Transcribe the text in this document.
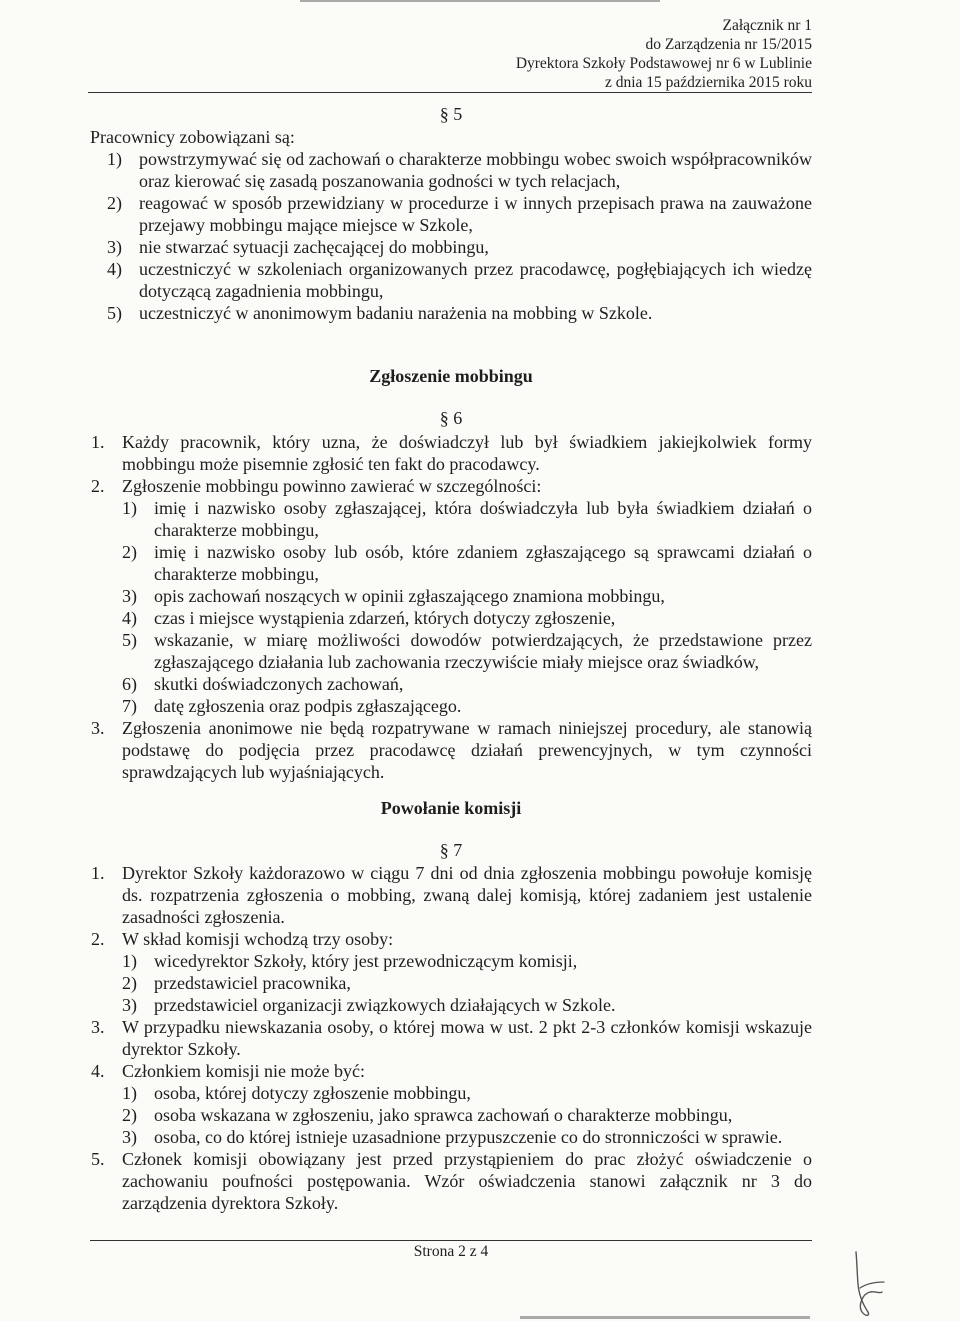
Załącznik nr 1
do Zarządzenia nr 15/2015
Dyrektora Szkoły Podstawowej nr 6 w Lublinie
z dnia 15 października 2015 roku
§ 5

Pracownicy zobowiązani są:

1) powstrzymywać się od zachowań o charakterze mobbingu wobec swoich współpracowników oraz kierować się zasadą poszanowania godności w tych relacjach,
2) reagować w sposób przewidziany w procedurze i w innych przepisach prawa na zauważone przejawy mobbingu mające miejsce w Szkole,
3) nie stwarzać sytuacji zachęcającej do mobbingu,
4) uczestniczyć w szkoleniach organizowanych przez pracodawcę, pogłębiających ich wiedzę dotyczącą zagadnienia mobbingu,
5) uczestniczyć w anonimowym badaniu narażenia na mobbing w Szkole.
Zgłoszenie mobbingu
§ 6
1. Każdy pracownik, który uzna, że doświadczył lub był świadkiem jakiejkolwiek formy mobbingu może pisemnie zgłosić ten fakt do pracodawcy.
2. Zgłoszenie mobbingu powinno zawierać w szczególności:
1) imię i nazwisko osoby zgłaszającej, która doświadczyła lub była świadkiem działań o charakterze mobbingu,
2) imię i nazwisko osoby lub osób, które zdaniem zgłaszającego są sprawcami działań o charakterze mobbingu,
3) opis zachowań noszących w opinii zgłaszającego znamiona mobbingu,
4) czas i miejsce wystąpienia zdarzeń, których dotyczy zgłoszenie,
5) wskazanie, w miarę możliwości dowodów potwierdzających, że przedstawione przez zgłaszającego działania lub zachowania rzeczywiście miały miejsce oraz świadków,
6) skutki doświadczonych zachowań,
7) datę zgłoszenia oraz podpis zgłaszającego.
3. Zgłoszenia anonimowe nie będą rozpatrywane w ramach niniejszej procedury, ale stanowią podstawę do podjęcia przez pracodawcę działań prewencyjnych, w tym czynności sprawdzających lub wyjaśniających.
Powołanie komisji
§ 7
1. Dyrektor Szkoły każdorazowo w ciągu 7 dni od dnia zgłoszenia mobbingu powołuje komisję ds. rozpatrzenia zgłoszenia o mobbing, zwaną dalej komisją, której zadaniem jest ustalenie zasadności zgłoszenia.
2. W skład komisji wchodzą trzy osoby:
1) wicedyrektor Szkoły, który jest przewodniczącym komisji,
2) przedstawiciel pracownika,
3) przedstawiciel organizacji związkowych działających w Szkole.
3. W przypadku niewskazania osoby, o której mowa w ust. 2 pkt 2-3 członków komisji wskazuje dyrektor Szkoły.
4. Członkiem komisji nie może być:
1) osoba, której dotyczy zgłoszenie mobbingu,
2) osoba wskazana w zgłoszeniu, jako sprawca zachowań o charakterze mobbingu,
3) osoba, co do której istnieje uzasadnione przypuszczenie co do stronniczości w sprawie.
5. Członek komisji obowiązany jest przed przystąpieniem do prac złożyć oświadczenie o zachowaniu poufności postępowania. Wzór oświadczenia stanowi załącznik nr 3 do zarządzenia dyrektora Szkoły.
Strona 2 z 4
